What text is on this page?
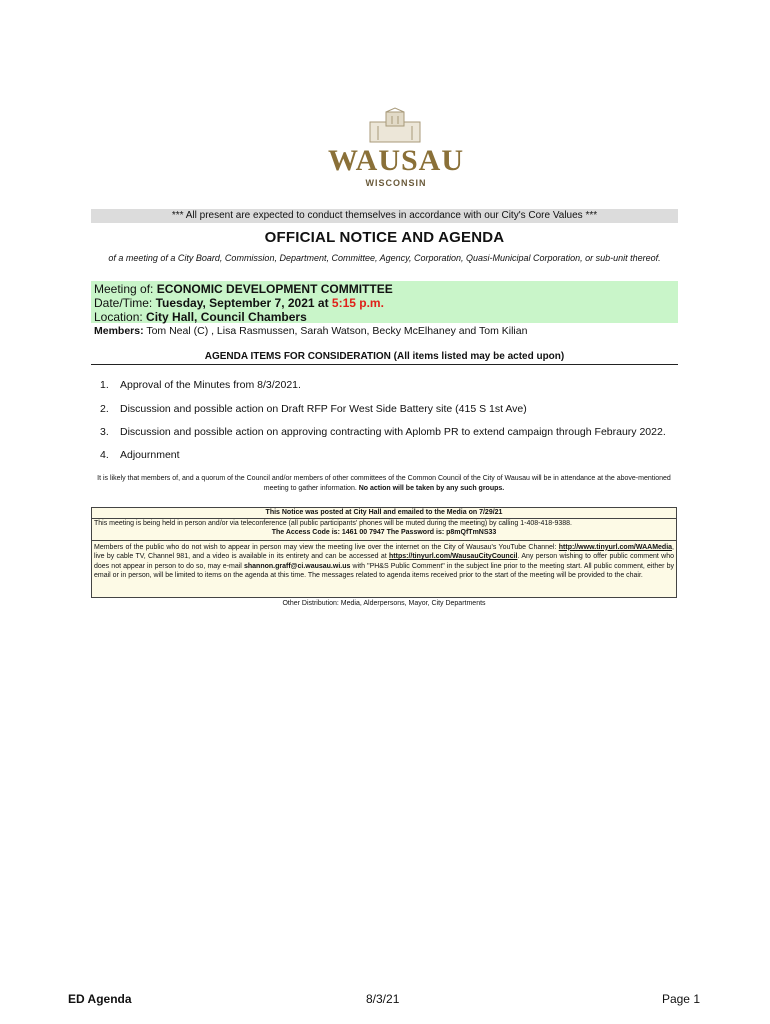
WAUSAU
WISCONSIN
*** All present are expected to conduct themselves in accordance with our City's Core Values ***
OFFICIAL NOTICE AND AGENDA
of a meeting of a City Board, Commission, Department, Committee, Agency, Corporation, Quasi-Municipal Corporation, or sub-unit thereof.
Meeting of: ECONOMIC DEVELOPMENT COMMITTEE
Date/Time: Tuesday, September 7, 2021 at 5:15 p.m.
Location: City Hall, Council Chambers
Members: Tom Neal (C) , Lisa Rasmussen, Sarah Watson, Becky McElhaney and Tom Kilian
AGENDA ITEMS FOR CONSIDERATION (All items listed may be acted upon)
1. Approval of the Minutes from 8/3/2021.
2. Discussion and possible action on Draft RFP For West Side Battery site (415 S 1st Ave)
3. Discussion and possible action on approving contracting with Aplomb PR to extend campaign through Febraury 2022.
4. Adjournment
It is likely that members of, and a quorum of the Council and/or members of other committees of the Common Council of the City of Wausau will be in attendance at the above-mentioned meeting to gather information. No action will be taken by any such groups.
This Notice was posted at City Hall and emailed to the Media on 7/29/21
This meeting is being held in person and/or via teleconference (all public participants' phones will be muted during the meeting) by calling 1-408-418-9388.
The Access Code is: 1461 00 7947 The Password is: p8mQfTmNS33
Members of the public who do not wish to appear in person may view the meeting live over the internet on the City of Wausau's YouTube Channel: http://www.tinyurl.com/WAAMedia, live by cable TV, Channel 981, and a video is available in its entirety and can be accessed at https://tinyurl.com/WausauCityCouncil. Any person wishing to offer public comment who does not appear in person to do so, may e-mail shannon.graff@ci.wausau.wi.us with "PH&S Public Comment" in the subject line prior to the meeting start. All public comment, either by email or in person, will be limited to items on the agenda at this time. The messages related to agenda items received prior to the start of the meeting will be provided to the chair.
Other Distribution: Media, Alderpersons, Mayor, City Departments
ED Agenda	8/3/21	Page 1
